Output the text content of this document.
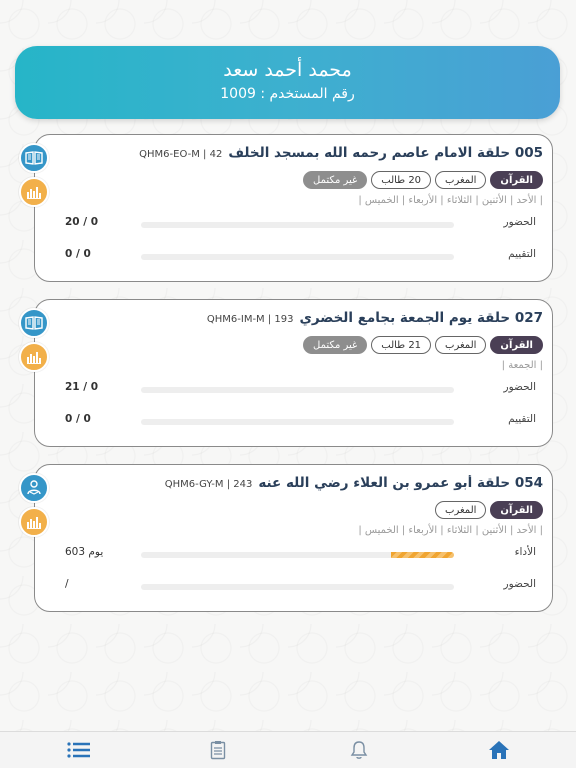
محمد أحمد سعد
رقم المستخدم : 1009
005 حلقة الامام عاصم رحمه الله بمسجد الخلف
QHM6-EO-M | 42
القرآن
المغرب
20 طالب
غير مكتمل
| الأحد | الأثنين | الثلاثاء | الأربعاء | الخميس |
الحضور
20 / 0
التقييم
0 / 0
027 حلقة يوم الجمعة بجامع الخضري
QHM6-IM-M | 193
القرآن
المغرب
21 طالب
غير مكتمل
| الجمعة |
الحضور
21 / 0
التقييم
0 / 0
054 حلقة أبو عمرو بن العلاء رضي الله عنه
QHM6-GY-M | 243
القرآن
المغرب
| الأحد | الأثنين | الثلاثاء | الأربعاء | الخميس |
الأداء
603 يوم
الحضور
/
